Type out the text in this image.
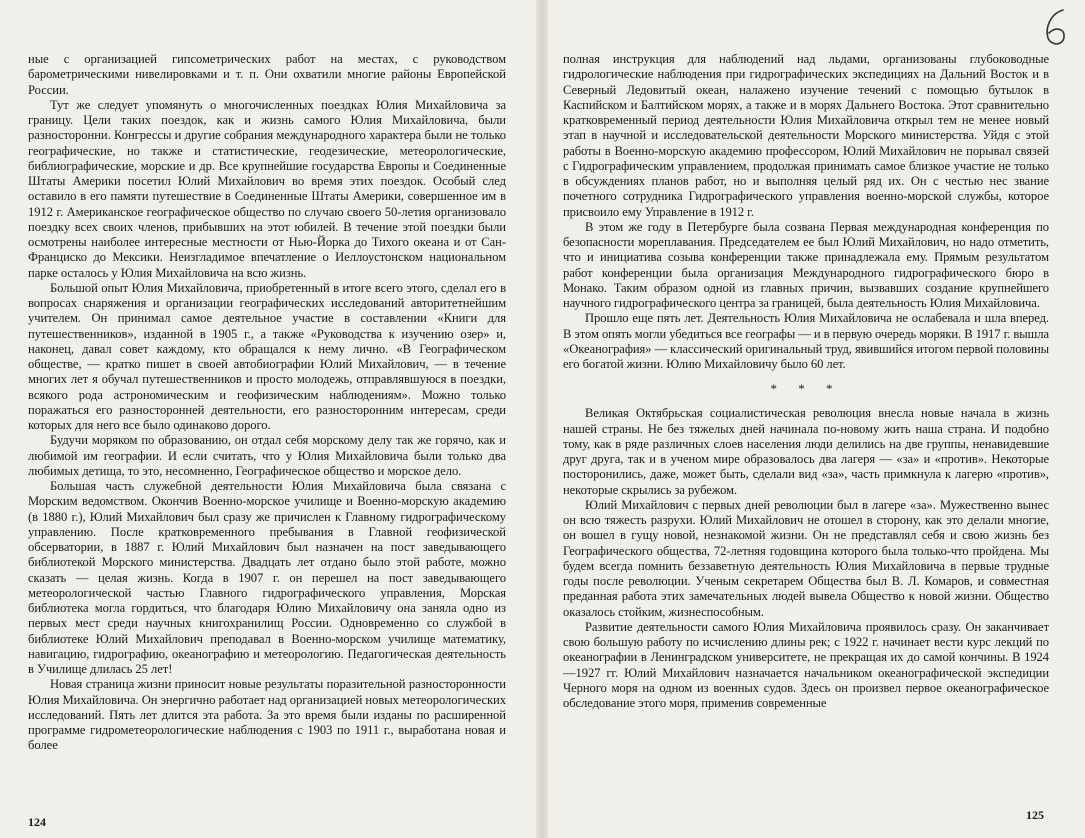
ные с организацией гипсометрических работ на местах, с руководством барометрическими нивелировками и т. п. Они охватили многие районы Европейской России.

Тут же следует упомянуть о многочисленных поездках Юлия Михайловича за границу. Цели таких поездок, как и жизнь самого Юлия Михайловича, были разносторонни. Конгрессы и другие собрания международного характера были не только географические, но также и статистические, геодезические, метеорологические, библиографические, морские и др. Все крупнейшие государства Европы и Соединенные Штаты Америки посетил Юлий Михайлович во время этих поездок. Особый след оставило в его памяти путешествие в Соединенные Штаты Америки, совершенное им в 1912 г. Американское географическое общество по случаю своего 50-летия организовало поездку всех своих членов, прибывших на этот юбилей. В течение этой поездки были осмотрены наиболее интересные местности от Нью-Йорка до Тихого океана и от Сан-Франциско до Мексики. Неизгладимое впечатление о Иеллоустонском национальном парке осталось у Юлия Михайловича на всю жизнь.

Большой опыт Юлия Михайловича, приобретенный в итоге всего этого, сделал его в вопросах снаряжения и организации географических исследований авторитетнейшим учителем. Он принимал самое деятельное участие в составлении «Книги для путешественников», изданной в 1905 г., а также «Руководства к изучению озер» и, наконец, давал совет каждому, кто обращался к нему лично. «В Географическом обществе, — кратко пишет в своей автобиографии Юлий Михайлович, — в течение многих лет я обучал путешественников и просто молодежь, отправлявшуюся в поездки, всякого рода астрономическим и геофизическим наблюдениям». Можно только поражаться его разносторонней деятельности, его разносторонним интересам, среди которых для него все было одинаково дорого.

Будучи моряком по образованию, он отдал себя морскому делу так же горячо, как и любимой им географии. И если считать, что у Юлия Михайловича были только два любимых детища, то это, несомненно, Географическое общество и морское дело.

Большая часть служебной деятельности Юлия Михайловича была связана с Морским ведомством. Окончив Военно-морское училище и Военно-морскую академию (в 1880 г.), Юлий Михайлович был сразу же причислен к Главному гидрографическому управлению. После кратковременного пребывания в Главной геофизической обсерватории, в 1887 г. Юлий Михайлович был назначен на пост заведывающего библиотекой Морского министерства. Двадцать лет отдано было этой работе, можно сказать — целая жизнь. Когда в 1907 г. он перешел на пост заведывающего метеорологической частью Главного гидрографического управления, Морская библиотека могла гордиться, что благодаря Юлию Михайловичу она заняла одно из первых мест среди научных книгохранилищ России. Одновременно со службой в библиотеке Юлий Михайлович преподавал в Военно-морском училище математику, навигацию, гидрографию, океанографию и метеорологию. Педагогическая деятельность в Училище длилась 25 лет!

Новая страница жизни приносит новые результаты поразительной разносторонности Юлия Михайловича. Он энергично работает над организацией новых метеорологических исследований. Пять лет длится эта работа. За это время были изданы по расширенной программе гидрометеорологические наблюдения с 1903 по 1911 г., выработана новая и более

124

полная инструкция для наблюдений над льдами, организованы глубоководные гидрологические наблюдения при гидрографических экспедициях на Дальний Восток и в Северный Ледовитый океан, налажено изучение течений с помощью бутылок в Каспийском и Балтийском морях, а также и в морях Дальнего Востока. Этот сравнительно кратковременный период деятельности Юлия Михайловича открыл тем не менее новый этап в научной и исследовательской деятельности Морского министерства. Уйдя с этой работы в Военно-морскую академию профессором, Юлий Михайлович не порывал связей с Гидрографическим управлением, продолжая принимать самое близкое участие не только в обсуждениях планов работ, но и выполняя целый ряд их. Он с честью нес звание почетного сотрудника Гидрографического управления военно-морской службы, которое присвоило ему Управление в 1912 г.

В этом же году в Петербурге была созвана Первая международная конференция по безопасности мореплавания. Председателем ее был Юлий Михайлович, но надо отметить, что и инициатива созыва конференции также принадлежала ему. Прямым результатом работ конференции была организация Международного гидрографического бюро в Монако. Таким образом одной из главных причин, вызвавших создание крупнейшего научного гидрографического центра за границей, была деятельность Юлия Михайловича.

Прошло еще пять лет. Деятельность Юлия Михайловича не ослабевала и шла вперед. В этом опять могли убедиться все географы — и в первую очередь моряки. В 1917 г. вышла «Океанография» — классический оригинальный труд, явившийся итогом первой половины его богатой жизни. Юлию Михайловичу было 60 лет.

* * *

Великая Октябрьская социалистическая революция внесла новые начала в жизнь нашей страны. Не без тяжелых дней начинала по-новому жить наша страна. И подобно тому, как в ряде различных слоев населения люди делились на две группы, ненавидевшие друг друга, так и в ученом мире образовалось два лагеря — «за» и «против». Некоторые посторонились, даже, может быть, сделали вид «за», часть примкнула к лагерю «против», некоторые скрылись за рубежом.

Юлий Михайлович с первых дней революции был в лагере «за». Мужественно вынес он всю тяжесть разрухи. Юлий Михайлович не отошел в сторону, как это делали многие, он вошел в гущу новой, незнакомой жизни. Он не представлял себя и свою жизнь без Географического общества, 72-летняя годовщина которого была только-что пройдена. Мы будем всегда помнить беззаветную деятельность Юлия Михайловича в первые трудные годы после революции. Ученым секретарем Общества был В. Л. Комаров, и совместная преданная работа этих замечательных людей вывела Общество к новой жизни. Общество оказалось стойким, жизнеспособным.

Развитие деятельности самого Юлия Михайловича проявилось сразу. Он заканчивает свою большую работу по исчислению длины рек; с 1922 г. начинает вести курс лекций по океанографии в Ленинградском университете, не прекращая их до самой кончины. В 1924—1927 гг. Юлий Михайлович назначается начальником океанографической экспедиции Черного моря на одном из военных судов. Здесь он произвел первое океанографическое обследование этого моря, применив современные

125
